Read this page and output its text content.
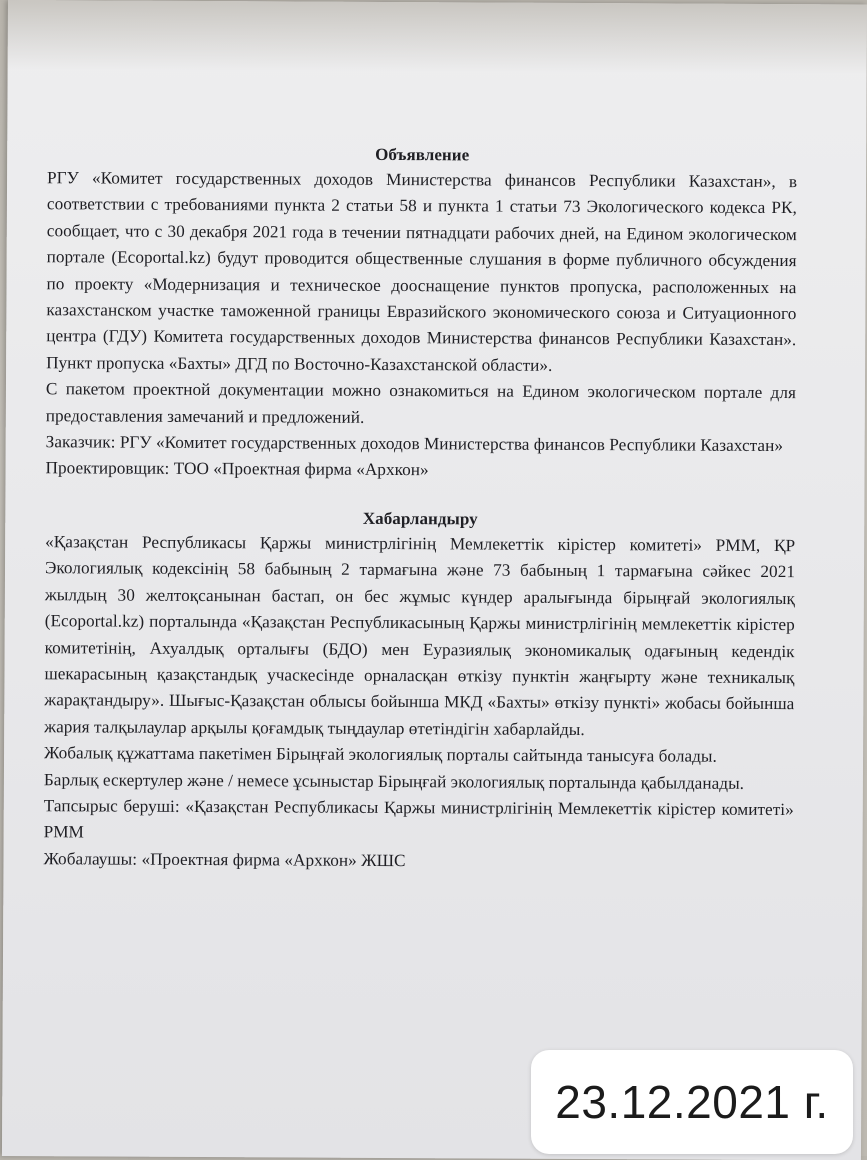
Объявление

РГУ «Комитет государственных доходов Министерства финансов Республики Казахстан», в соответствии с требованиями пункта 2 статьи 58 и пункта 1 статьи 73 Экологического кодекса РК, сообщает, что с 30 декабря 2021 года в течении пятнадцати рабочих дней, на Едином экологическом портале (Ecoportal.kz) будут проводится общественные слушания в форме публичного обсуждения по проекту «Модернизация и техническое дооснащение пунктов пропуска, расположенных на казахстанском участке таможенной границы Евразийского экономического союза и Ситуационного центра (ГДУ) Комитета государственных доходов Министерства финансов Республики Казахстан». Пункт пропуска «Бахты» ДГД по Восточно-Казахстанской области».

С пакетом проектной документации можно ознакомиться на Едином экологическом портале для предоставления замечаний и предложений.

Заказчик: РГУ «Комитет государственных доходов Министерства финансов Республики Казахстан»

Проектировщик: ТОО «Проектная фирма «Архкон»

Хабарландыру

«Қазақстан Республикасы Қаржы министрлігінің Мемлекеттік кірістер комитеті» РММ, ҚР Экологиялық кодексінің 58 бабының 2 тармағына және 73 бабының 1 тармағына сәйкес 2021 жылдың 30 желтоқсанынан бастап, он бес жұмыс күндер аралығында бірыңғай экологиялық (Ecoportal.kz) порталында «Қазақстан Республикасының Қаржы министрлігінің мемлекеттік кірістер комитетінің, Ахуалдық орталығы (БДО) мен Еуразиялық экономикалық одағының кедендік шекарасының қазақстандық учаскесінде орналасқан өткізу пунктін жаңғырту және техникалық жарақтандыру». Шығыс-Қазақстан облысы бойынша МКД «Бахты» өткізу пункті» жобасы бойынша жария талқылаулар арқылы қоғамдық тыңдаулар өтетіндігін хабарлайды.

Жобалық құжаттама пакетімен Бірыңғай экологиялық порталы сайтында танысуға болады.

Барлық ескертулер және / немесе ұсыныстар Бірыңғай экологиялық порталында қабылданады.

Тапсырыс беруші: «Қазақстан Республикасы Қаржы министрлігінің Мемлекеттік кірістер комитеті» РММ

Жобалаушы: «Проектная фирма «Архкон» ЖШС

23.12.2021 г.
